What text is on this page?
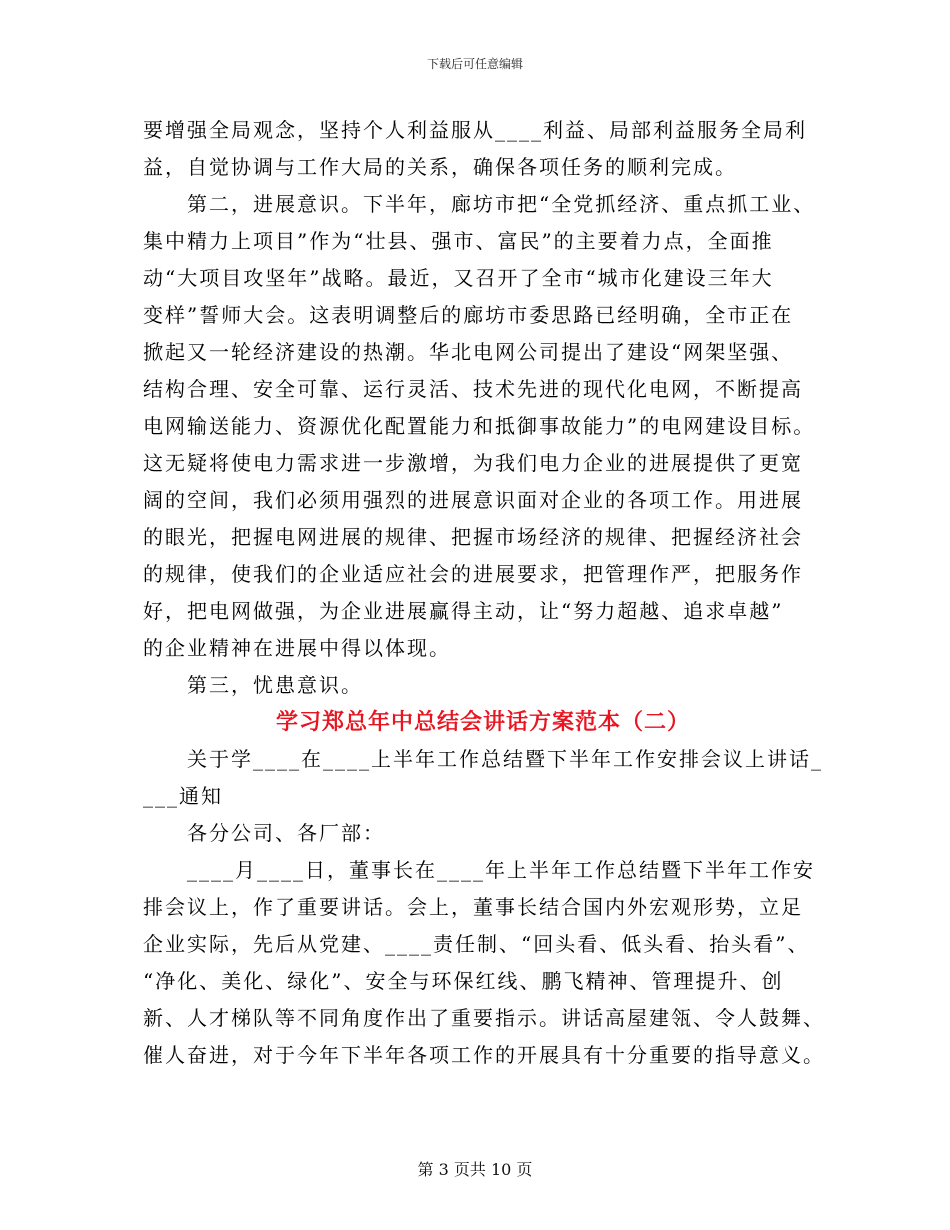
下载后可任意编辑
要增强全局观念，坚持个人利益服从____利益、局部利益服务全局利
益，自觉协调与工作大局的关系，确保各项任务的顺利完成。
第二，进展意识。下半年，廊坊市把“全党抓经济、重点抓工业、
集中精力上项目”作为“壮县、强市、富民”的主要着力点，全面推
动“大项目攻坚年”战略。最近，又召开了全市“城市化建设三年大
变样”誓师大会。这表明调整后的廊坊市委思路已经明确，全市正在
掀起又一轮经济建设的热潮。华北电网公司提出了建设“网架坚强、
结构合理、安全可靠、运行灵活、技术先进的现代化电网，不断提高
电网输送能力、资源优化配置能力和抵御事故能力”的电网建设目标。
这无疑将使电力需求进一步激增，为我们电力企业的进展提供了更宽
阔的空间，我们必须用强烈的进展意识面对企业的各项工作。用进展
的眼光，把握电网进展的规律、把握市场经济的规律、把握经济社会
的规律，使我们的企业适应社会的进展要求，把管理作严，把服务作
好，把电网做强，为企业进展赢得主动，让“努力超越、追求卓越”
的企业精神在进展中得以体现。
第三，忧患意识。
学习郑总年中总结会讲话方案范本（二）
关于学____在____上半年工作总结暨下半年工作安排会议上讲话_
___通知
各分公司、各厂部：
____月____日，董事长在____年上半年工作总结暨下半年工作安
排会议上，作了重要讲话。会上，董事长结合国内外宏观形势，立足
企业实际，先后从党建、____责任制、“回头看、低头看、抬头看”、
“净化、美化、绿化”、安全与环保红线、鹏飞精神、管理提升、创
新、人才梯队等不同角度作出了重要指示。讲话高屋建瓴、令人鼓舞、
催人奋进，对于今年下半年各项工作的开展具有十分重要的指导意义。
第 3 页共 10 页
